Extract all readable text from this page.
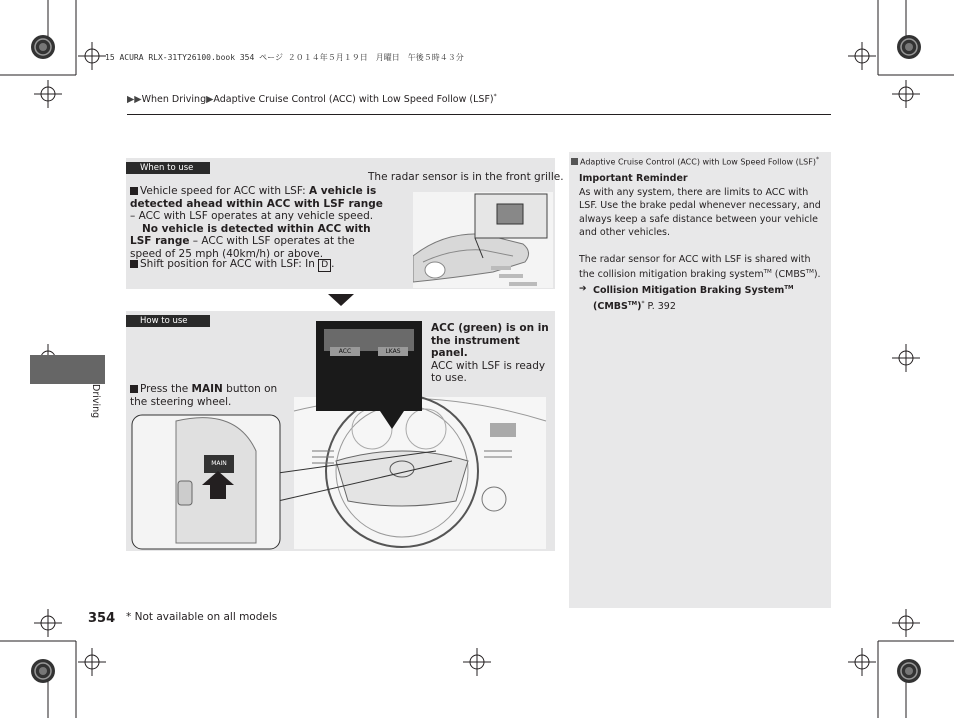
15 ACURA RLX-31TY26100.book 354 ページ ２０１４年５月１９日　月曜日　午後５時４３分
▶▶When Driving▶Adaptive Cruise Control (ACC) with Low Speed Follow (LSF)*
Driving
When to use
The radar sensor is in the front grille.
Vehicle speed for ACC with LSF: A vehicle is detected ahead within ACC with LSF range – ACC with LSF operates at any vehicle speed.
No vehicle is detected within ACC with LSF range – ACC with LSF operates at the speed of 25 mph (40km/h) or above.
Shift position for ACC with LSF: In D .
How to use
ACC (green) is on in the instrument panel.
ACC with LSF is ready to use.
Press the MAIN button on the steering wheel.
ACC	LKAS
MAIN
Adaptive Cruise Control (ACC) with Low Speed Follow (LSF)*
Important Reminder
As with any system, there are limits to ACC with LSF. Use the brake pedal whenever necessary, and always keep a safe distance between your vehicle and other vehicles.
The radar sensor for ACC with LSF is shared with the collision mitigation braking system™ (CMBS™).
➔ Collision Mitigation Braking System™
(CMBS™)* P. 392
354 * Not available on all models
